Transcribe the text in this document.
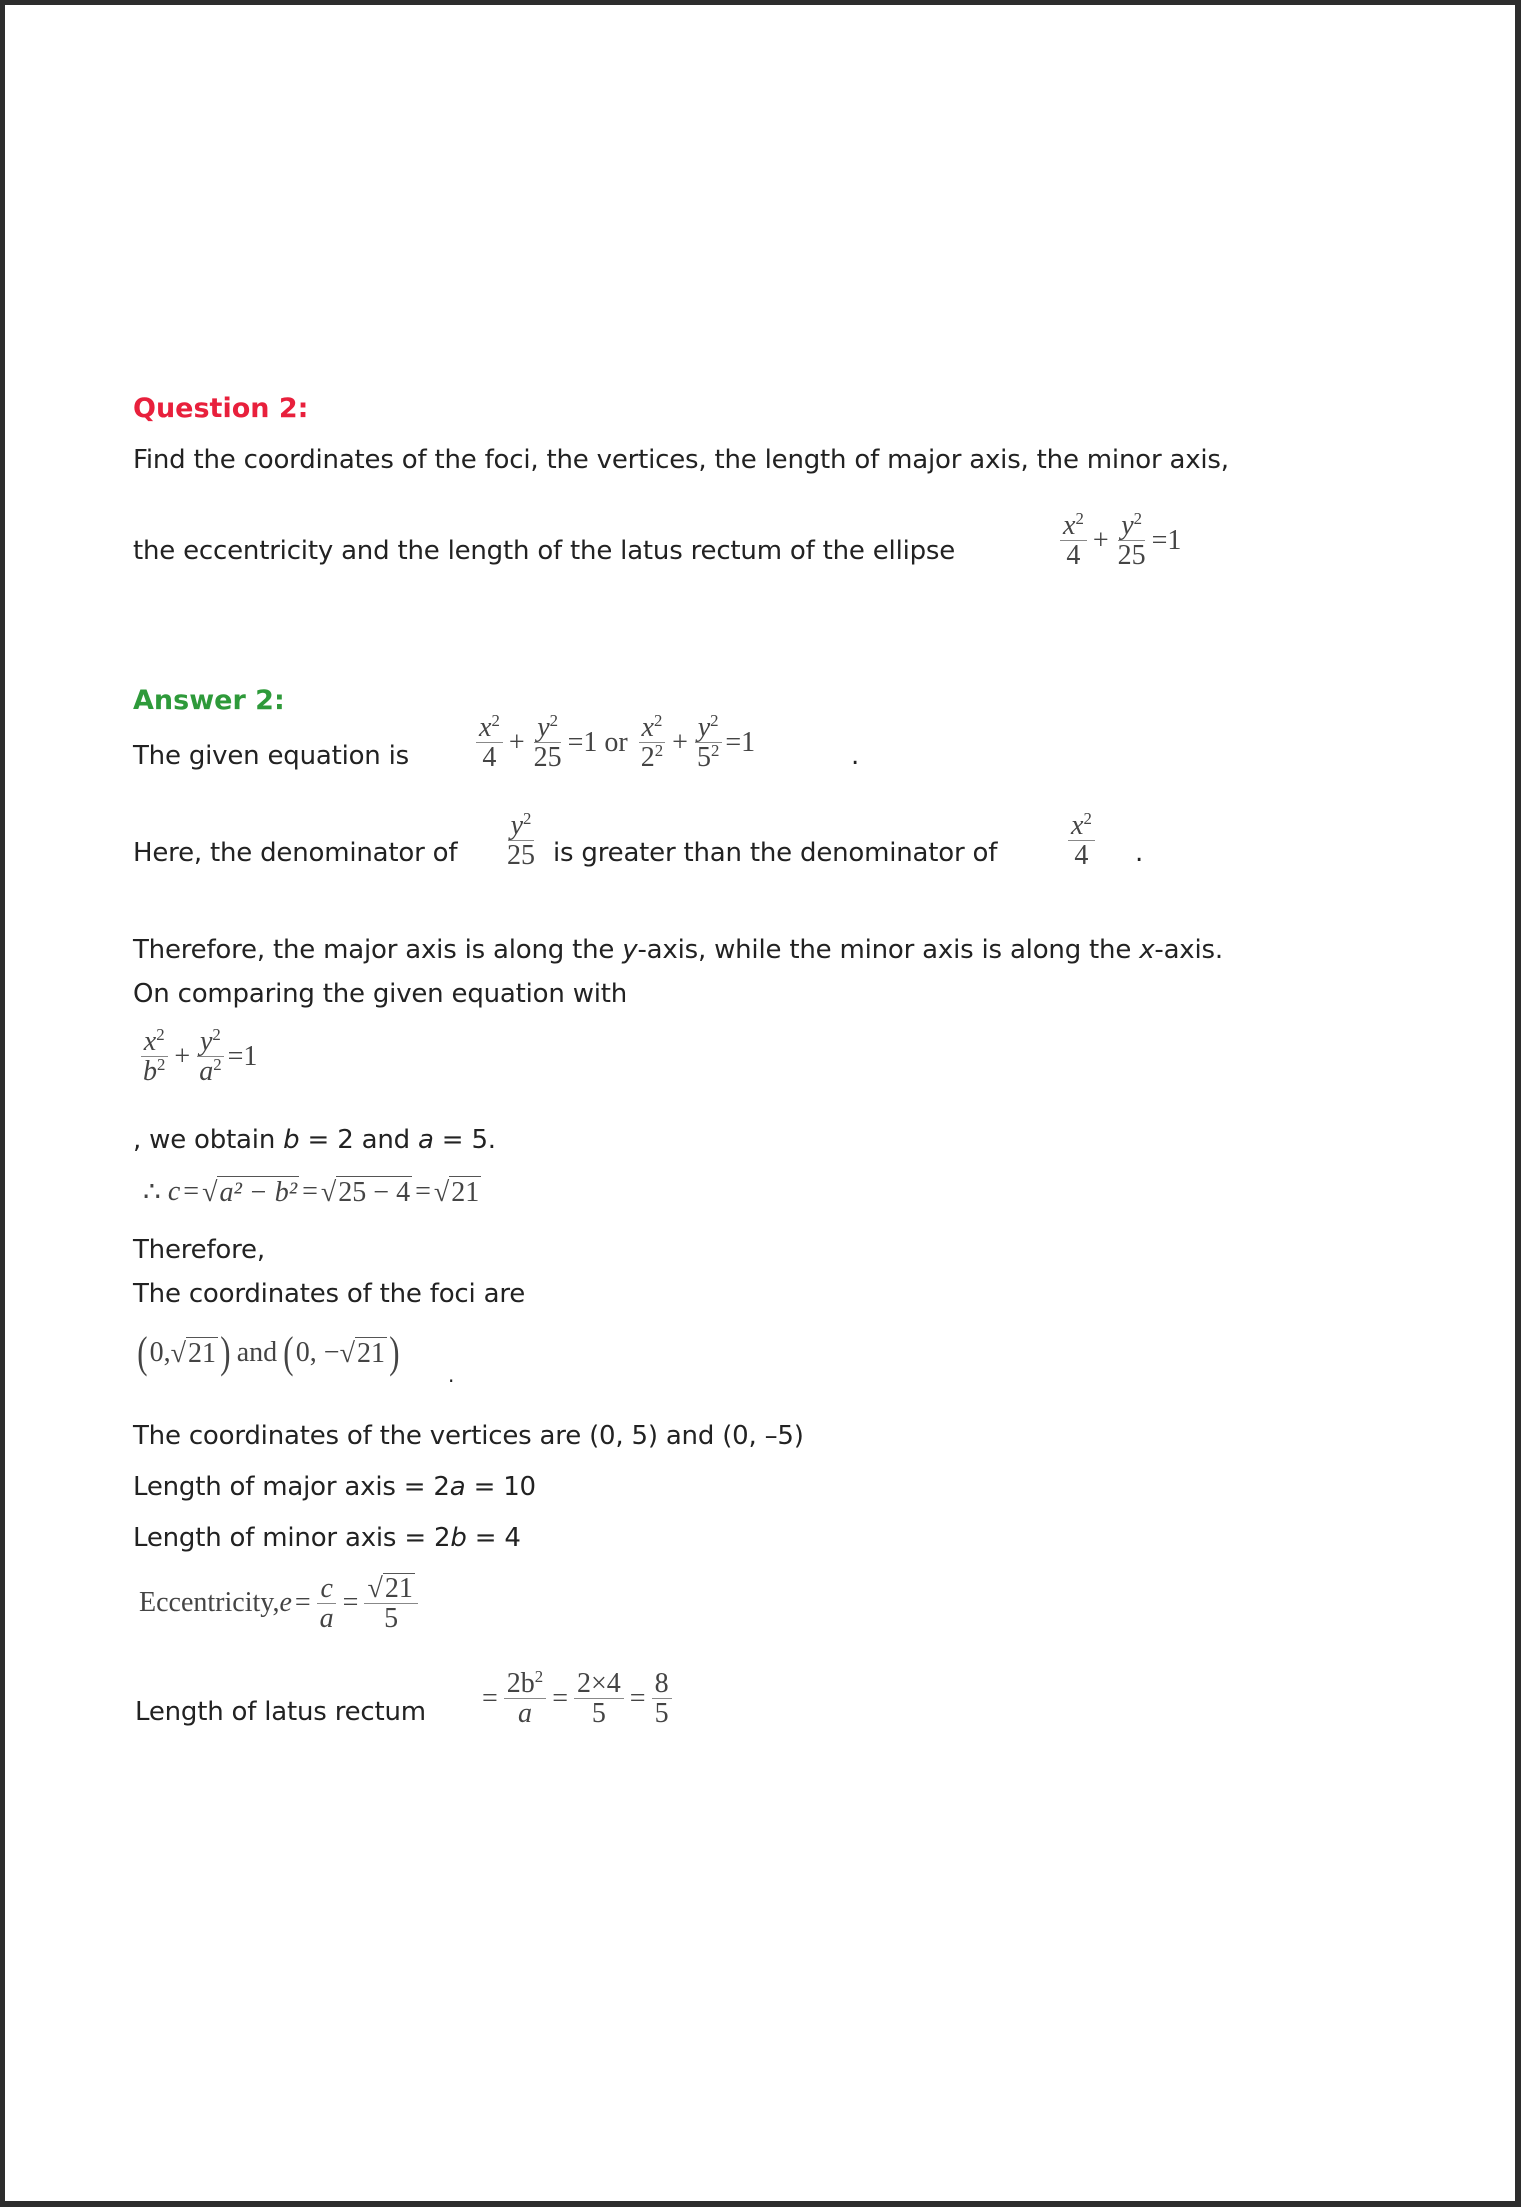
Question 2:
Find the coordinates of the foci, the vertices, the length of major axis, the minor axis,
the eccentricity and the length of the latus rectum of the ellipse	$\frac{x^2}{4} + \frac{y^2}{25} =1$
Answer 2:
The given equation is $\frac{x^2}{4} + \frac{y^2}{25} =1$ or
$\frac{x^2}{2^2} + \frac{y^2}{5^2} =1$	.
Here, the denominator of $\frac{y^2}{25}$ is greater than the denominator of	$\frac{x^2}{4}$ .
Therefore, the major axis is along the y-axis, while the minor axis is along the x-axis.
On comparing the given equation with
$\frac{x^2}{b^2} + \frac{y^2}{a^2} =1$
, we obtain b = 2 and a = 5.
∴
c = √ a² − b² = √ 25 − 4 = √ 21
Therefore,
The coordinates of the foci are
( 0, √ 21 ) and ( 0, − √ 21 ) .
The coordinates of the vertices are (0, 5) and (0, –5)
Length of major axis = 2a = 10
Length of minor axis = 2b = 4
Eccentricity, $e = \frac{c}{a} = \frac{√ 21}{5}$
Length of latus rectum = $\frac{2b^2}{a} = \frac{2\times 4}{5} = \frac{8}{5}$
